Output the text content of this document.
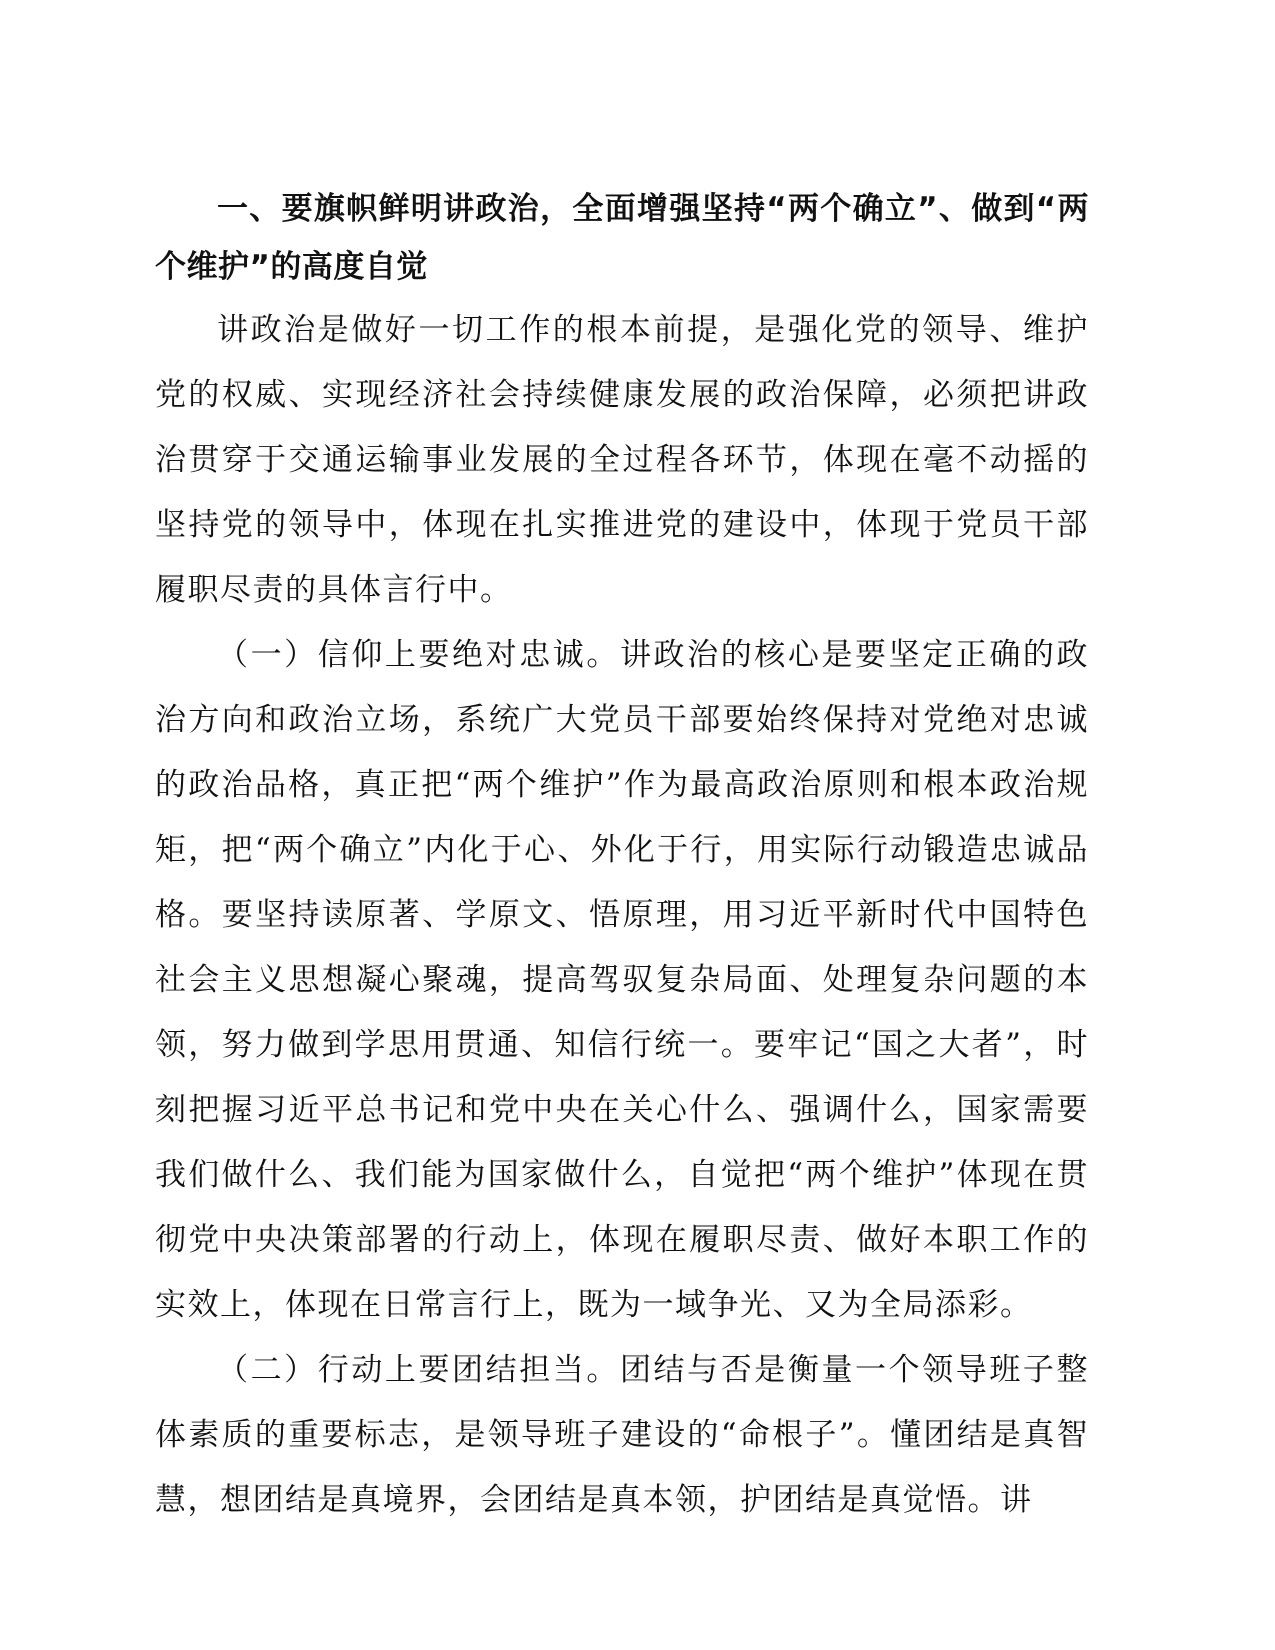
一、要旗帜鲜明讲政治，全面增强坚持“两个确立”、做到“两个维护”的高度自觉

讲政治是做好一切工作的根本前提，是强化党的领导、维护党的权威、实现经济社会持续健康发展的政治保障，必须把讲政治贯穿于交通运输事业发展的全过程各环节，体现在毫不动摇的坚持党的领导中，体现在扎实推进党的建设中，体现于党员干部履职尽责的具体言行中。

（一）信仰上要绝对忠诚。讲政治的核心是要坚定正确的政治方向和政治立场，系统广大党员干部要始终保持对党绝对忠诚的政治品格，真正把“两个维护”作为最高政治原则和根本政治规矩，把“两个确立”内化于心、外化于行，用实际行动锻造忠诚品格。要坚持读原著、学原文、悟原理，用习近平新时代中国特色社会主义思想凝心聚魂，提高驾驭复杂局面、处理复杂问题的本领，努力做到学思用贯通、知信行统一。要牢记“国之大者”，时刻把握习近平总书记和党中央在关心什么、强调什么，国家需要我们做什么、我们能为国家做什么，自觉把“两个维护”体现在贯彻党中央决策部署的行动上，体现在履职尽责、做好本职工作的实效上，体现在日常言行上，既为一域争光、又为全局添彩。

（二）行动上要团结担当。团结与否是衡量一个领导班子整体素质的重要标志，是领导班子建设的“命根子”。懂团结是真智慧，想团结是真境界，会团结是真本领，护团结是真觉悟。讲
